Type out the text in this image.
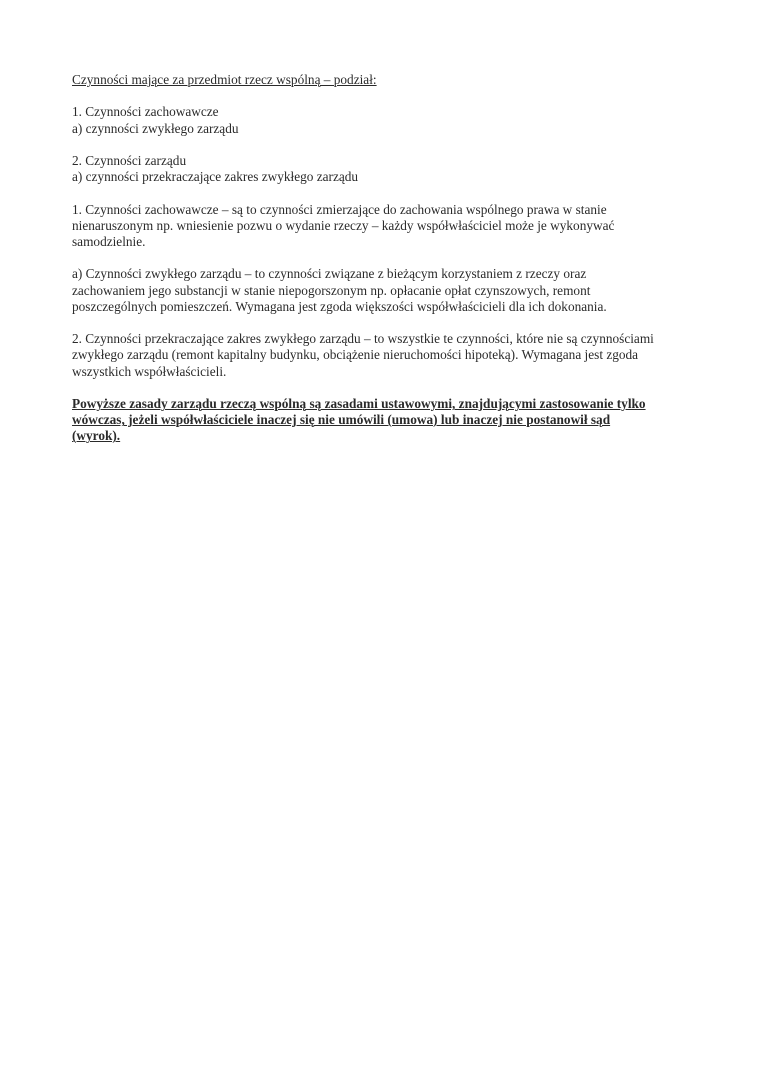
Czynności mające za przedmiot rzecz wspólną – podział:
1. Czynności zachowawcze
a) czynności zwykłego zarządu
2. Czynności zarządu
a) czynności przekraczające zakres zwykłego zarządu
1. Czynności zachowawcze – są to czynności zmierzające do zachowania wspólnego prawa w stanie
nienaruszonym np. wniesienie pozwu o wydanie rzeczy – każdy współwłaściciel może je wykonywać
samodzielnie.
a) Czynności zwykłego zarządu – to czynności związane z bieżącym korzystaniem z rzeczy oraz
zachowaniem jego substancji w stanie niepogorszonym np. opłacanie opłat czynszowych, remont
poszczególnych pomieszczeń. Wymagana jest zgoda większości współwłaścicieli dla ich dokonania.
2. Czynności przekraczające zakres zwykłego zarządu – to wszystkie te czynności, które nie są czynnościami
zwykłego zarządu (remont kapitalny budynku, obciążenie nieruchomości hipoteką). Wymagana jest zgoda
wszystkich współwłaścicieli.
Powyższe zasady zarządu rzeczą wspólną są zasadami ustawowymi, znajdującymi zastosowanie tylko
wówczas, jeżeli współwłaściciele inaczej się nie umówili (umowa) lub inaczej nie postanowił sąd
(wyrok).
